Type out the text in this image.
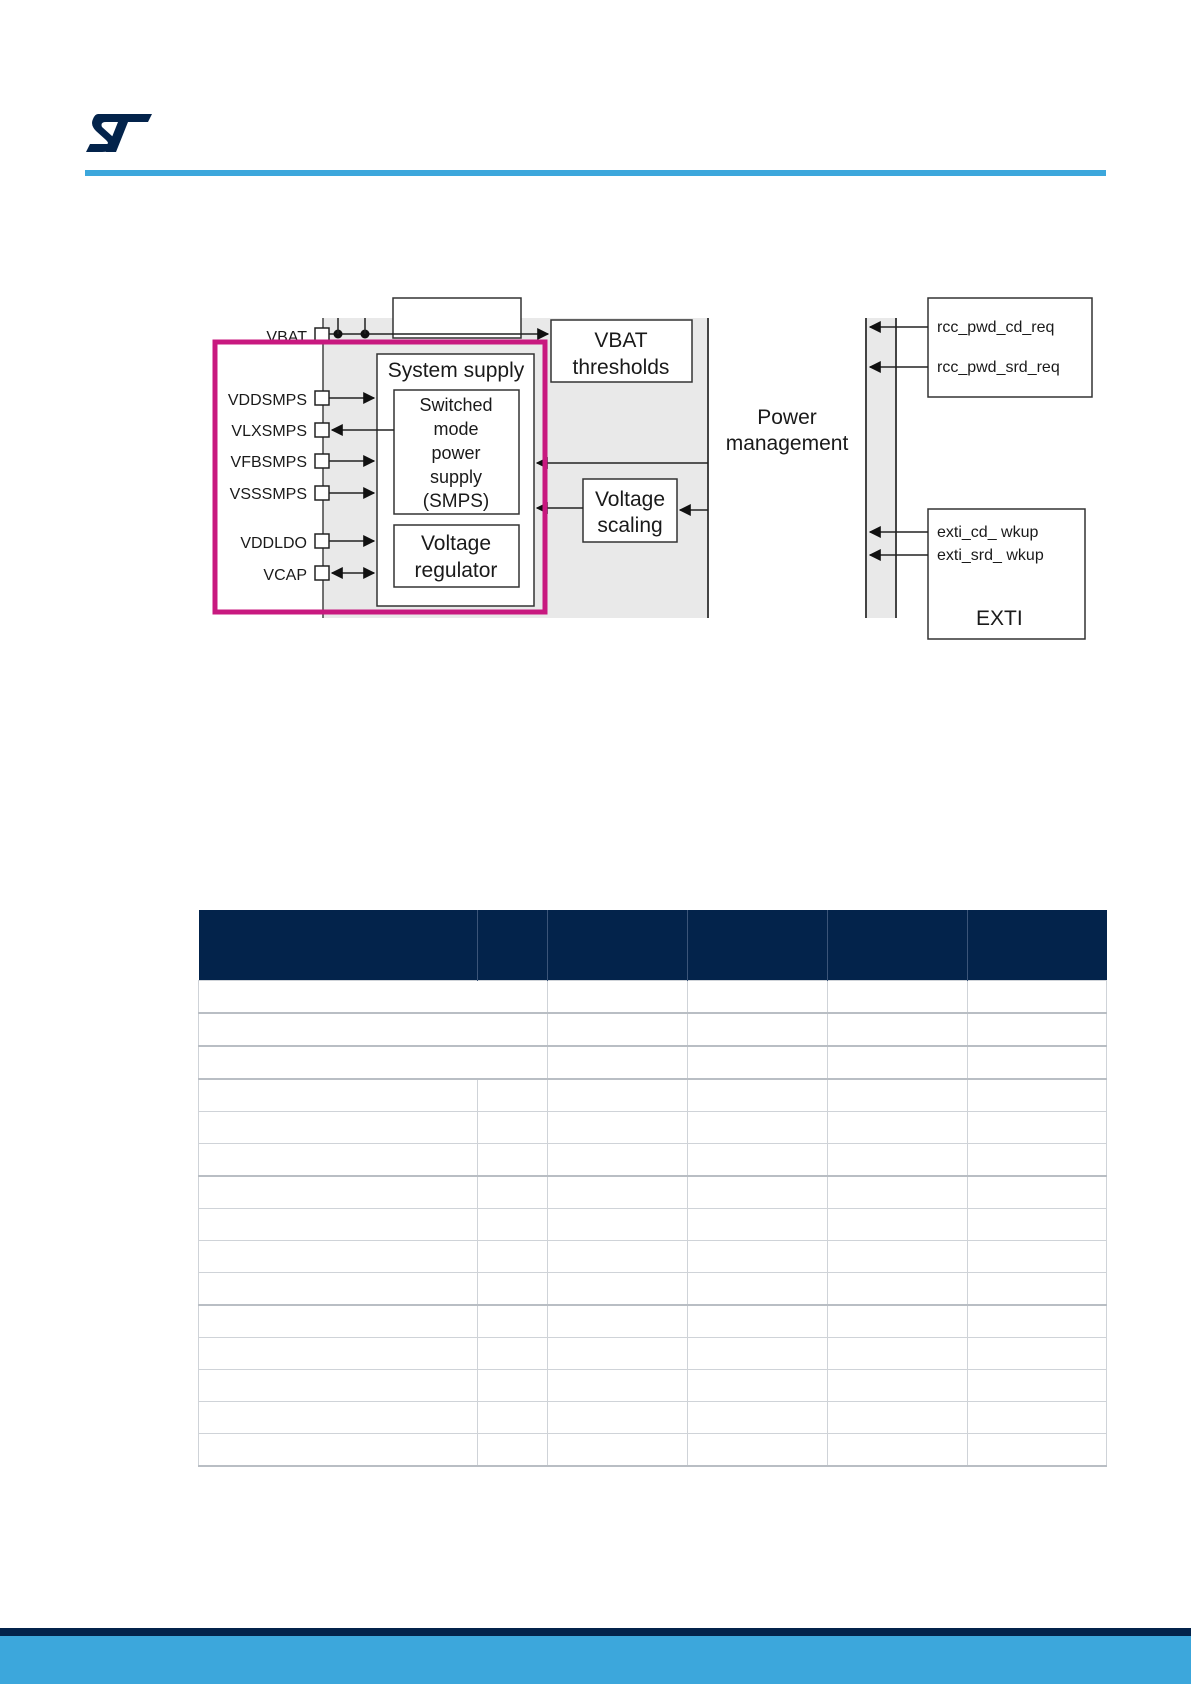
VBAT
thresholds
System supply
Switched
mode
power
supply
(SMPS)
Voltage
regulator
Voltage
scaling
Power
management
rcc_pwd_cd_req
rcc_pwd_srd_req
exti_cd_ wkup
exti_srd_ wkup
EXTI
VBAT
VDDSMPS
VLXSMPS
VFBSMPS
VSSSMPS
VDDLDO
VCAP
